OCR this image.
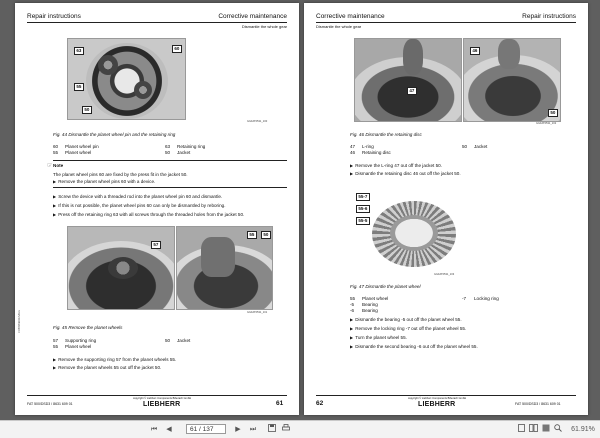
Repair instructions	Corrective maintenance
Dismantle the whole gear
63	60
55
50
GGFAT0531_100
Fig. 44 Dismantle the planet wheel pin and the retaining ring
60 Planet wheel pin	63 Retaining ring
55 Planet wheel	50 Jacket
☞ Note
The planet wheel pins 60 are fixed by the press fit in the jacket 50.
▶ Remove the planet wheel pins 60 with a device.
▶ Screw the device with a threaded rod into the planet wheel pin 60 and dismantle.
▶ If this is not possible, the planet wheel pins 60 can only be dismantled by reboring.
▶ Press off the retaining ring 63 with all screws through the threaded holes from the jacket 50.
57
55	50
GGFAT0531_101
Fig. 45 Remove the planet wheels
57 Supporting ring	50 Jacket
55 Planet wheel
▶ Remove the supporting ring 57 from the planet wheels 55.
▶ Remove the planet wheels 55 out off the jacket 50.
COBSB/ED/EN/Rev
FAT 500/DSD3 / 8631 609 01
copyright © Liebherr-Components Biberach GmbH
LIEBHERR	61
Corrective maintenance	Repair instructions
Dismantle the whole gear
47
46
50
GGFAT0531_102
Fig. 46 Dismantle the retaining disc
47 L-ring	50 Jacket
46 Retaining disc
▶ Remove the L-ring 47 out off the jacket 50.
▶ Dismantle the retaining disc 46 out off the jacket 50.
55-7
55-6
55-5
GGFAT0531_103
Fig. 47 Dismantle the planet wheel
55 Planet wheel	-7 Locking ring
-5 Bearing
-6 Bearing
▶ Dismantle the bearing -5 out off the planet wheel 55.
▶ Remove the locking ring -7 out off the planet wheel 55.
▶ Turn the planet wheel 55.
▶ Dismantle the second bearing -6 out off the planet wheel 55.
62
copyright © Liebherr-Components Biberach GmbH
LIEBHERR	FAT 500/DSD3 / 8631 609 01
⏮	◀	61 / 137	▶	⏭	61.91%
